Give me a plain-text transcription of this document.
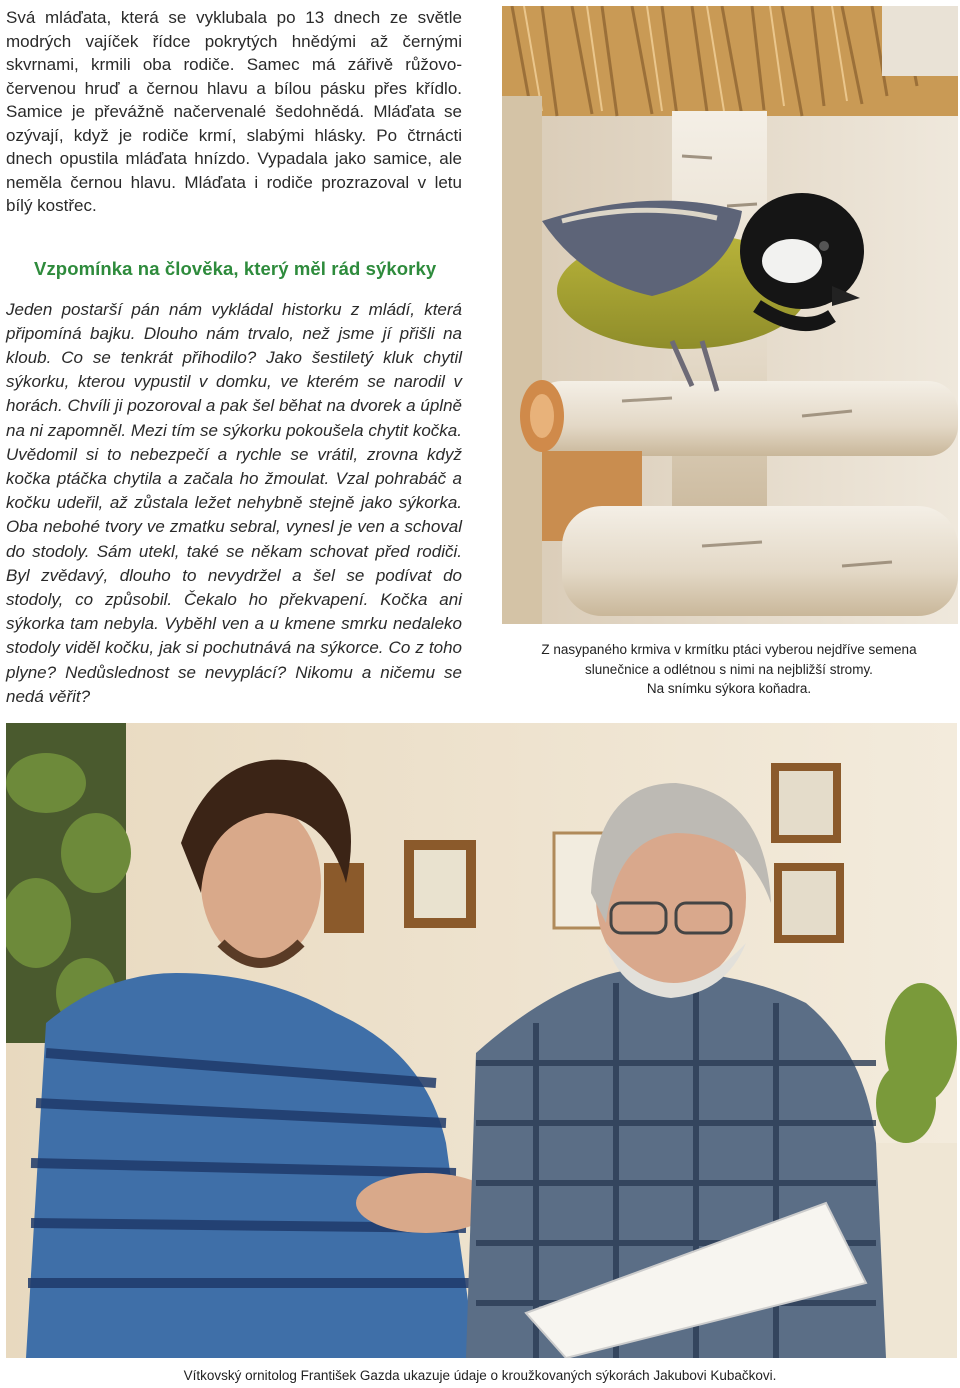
Svá mláďata, která se vyklubala po 13 dnech ze světle modrých vajíček řídce pokrytých hnědými až černými skvrnami, krmili oba rodiče. Samec má zářivě růžovo-červenou hruď a černou hlavu a bílou pásku přes křídlo. Samice je převážně načervenalé šedohnědá. Mláďata se ozývají, když je rodiče krmí, slabými hlásky. Po čtrnácti dnech opustila mláďata hnízdo. Vypadala jako samice, ale neměla černou hlavu. Mláďata i rodiče prozrazoval v letu bílý kostřec.

Vzpomínka na člověka, který měl rád sýkorky

Jeden postarší pán nám vykládal historku z mládí, která připomíná bajku. Dlouho nám trvalo, než jsme jí přišli na kloub. Co se tenkrát přihodilo? Jako šestiletý kluk chytil sýkorku, kterou vypustil v domku, ve kterém se narodil v horách. Chvíli ji pozoroval a pak šel běhat na dvorek a úplně na ni zapomněl. Mezi tím se sýkorku pokoušela chytit kočka. Uvědomil si to nebezpečí a rychle se vrátil, zrovna když kočka ptáčka chytila a začala ho žmoulat. Vzal pohrabáč a kočku udeřil, až zůstala ležet nehybně stejně jako sýkorka. Oba nebohé tvory ve zmatku sebral, vynesl je ven a schoval do stodoly. Sám utekl, také se někam schovat před rodiči. Byl zvědavý, dlouho to nevydržel a šel se podívat do stodoly, co způsobil. Čekalo ho překvapení. Kočka ani sýkorka tam nebyla. Vyběhl ven a u kmene smrku nedaleko stodoly viděl kočku, jak si pochutnává na sýkorce. Co z toho plyne? Nedůslednost se nevyplácí? Nikomu a ničemu se nedá věřit?

Z nasypaného krmiva v krmítku ptáci vyberou nejdříve semena
slunečnice a odlétnou s nimi na nejbližší stromy.
Na snímku sýkora koňadra.
Vítkovský ornitolog František Gazda ukazuje údaje o kroužkovaných sýkorách Jakubovi Kubačkovi.
